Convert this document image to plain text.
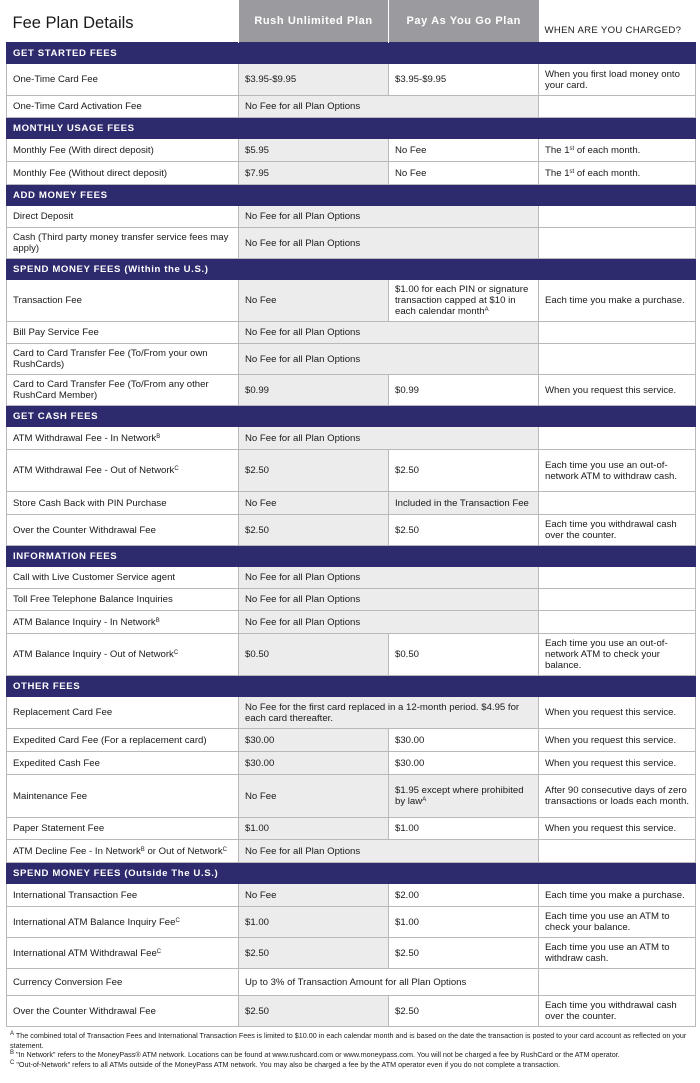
Fee Plan Details	Rush Unlimited Plan	Pay As You Go Plan	WHEN ARE YOU CHARGED?
GET STARTED FEES			
One-Time Card Fee	$3.95-$9.95	$3.95-$9.95	When you first load money onto your card.
One-Time Card Activation Fee	No Fee for all Plan Options		
MONTHLY USAGE FEES			
Monthly Fee (With direct deposit)	$5.95	No Fee	The 1st of each month.
Monthly Fee (Without direct deposit)	$7.95	No Fee	The 1st of each month.
ADD MONEY FEES			
Direct Deposit	No Fee for all Plan Options		
Cash (Third party money transfer service fees may apply)	No Fee for all Plan Options		
SPEND MONEY FEES (Within the U.S.)			
Transaction Fee	No Fee	$1.00 for each PIN or signature transaction capped at $10 in each calendar month$^A$	Each time you make a purchase.
Bill Pay Service Fee	No Fee for all Plan Options		
Card to Card Transfer Fee (To/From your own RushCards)	No Fee for all Plan Options		
Card to Card Transfer Fee (To/From any other RushCard Member)	$0.99	$0.99	When you request this service.
GET CASH FEES			
ATM Withdrawal Fee - In Network$^B$	No Fee for all Plan Options		
ATM Withdrawal Fee - Out of Network$^C$	$2.50	$2.50	Each time you use an out-of-network ATM to withdraw cash.
Store Cash Back with PIN Purchase	No Fee	Included in the Transaction Fee	
Over the Counter Withdrawal Fee	$2.50	$2.50	Each time you withdrawal cash over the counter.
INFORMATION FEES			
Call with Live Customer Service agent	No Fee for all Plan Options		
Toll Free Telephone Balance Inquiries	No Fee for all Plan Options		
ATM Balance Inquiry - In Network$^B$	No Fee for all Plan Options		
ATM Balance Inquiry - Out of Network$^C$	$0.50	$0.50	Each time you use an out-of-network ATM to check your balance.
OTHER FEES			
Replacement Card Fee	No Fee for the first card replaced in a 12-month period. $4.95 for each card thereafter.		When you request this service.
Expedited Card Fee (For a replacement card)	$30.00	$30.00	When you request this service.
Expedited Cash Fee	$30.00	$30.00	When you request this service.
Maintenance Fee	No Fee	$1.95 except where prohibited by law$^A$	After 90 consecutive days of zero transactions or loads each month.
Paper Statement Fee	$1.00	$1.00	When you request this service.
ATM Decline Fee - In Network$^B$ or Out of Network$^C$	No Fee for all Plan Options		
SPEND MONEY FEES (Outside The U.S.)			
International Transaction Fee	No Fee	$2.00	Each time you make a purchase.
International ATM Balance Inquiry Fee$^C$	$1.00	$1.00	Each time you use an ATM to check your balance.
International ATM Withdrawal Fee$^C$	$2.50	$2.50	Each time you use an ATM to withdraw cash.
Currency Conversion Fee	Up to 3% of Transaction Amount for all Plan Options		
Over the Counter Withdrawal Fee	$2.50	$2.50	Each time you withdrawal cash over the counter.
$^A$ The combined total of Transaction Fees and International Transaction Fees is limited to $10.00 in each calendar month and is based on the date the transaction is posted to your card account as reflected on your statement.
$^B$ "In Network" refers to the MoneyPass® ATM network. Locations can be found at www.rushcard.com or www.moneypass.com. You will not be charged a fee by RushCard or the ATM operator.
$^C$ "Out-of-Network" refers to all ATMs outside of the MoneyPass ATM network. You may also be charged a fee by the ATM operator even if you do not complete a transaction.
